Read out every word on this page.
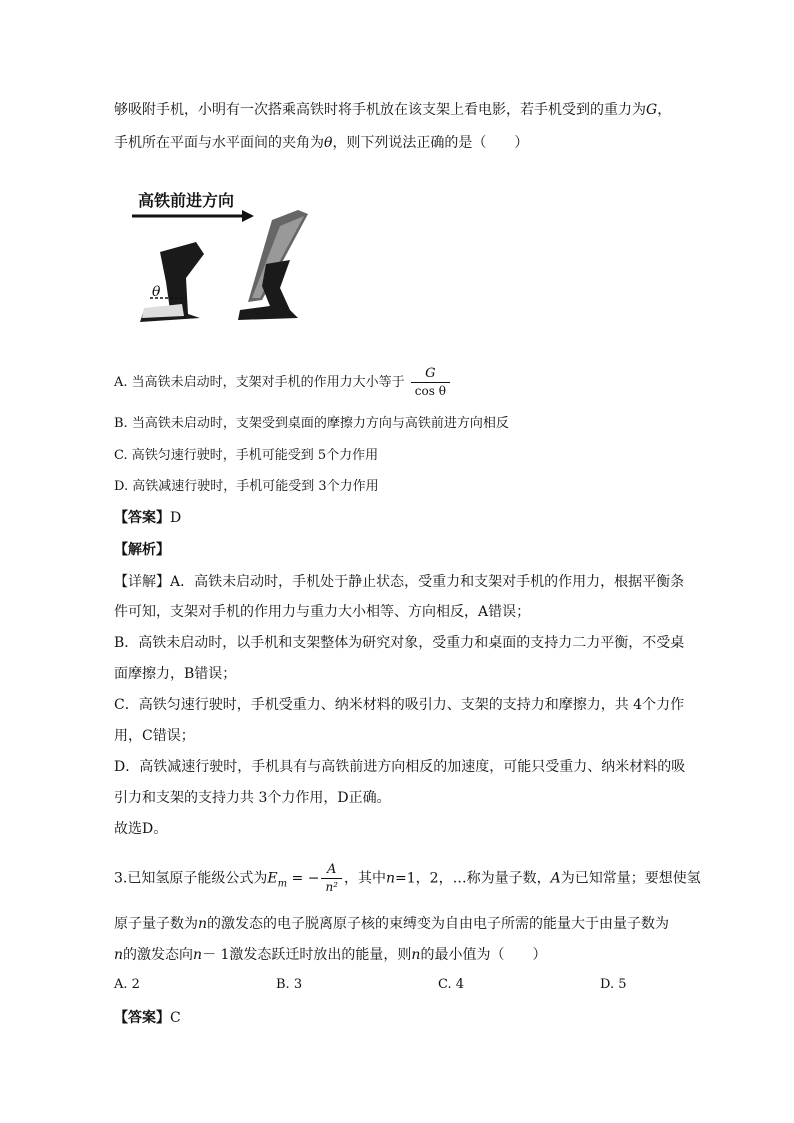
够吸附手机，小明有一次搭乘高铁时将手机放在该支架上看电影，若手机受到的重力为G，
手机所在平面与水平面间的夹角为θ，则下列说法正确的是（　　）
高铁前进方向
θ
A. 当高铁未启动时，支架对手机的作用力大小等于 $\frac{G}{\text{cos θ}}$
B. 当高铁未启动时，支架受到桌面的摩擦力方向与高铁前进方向相反
C. 高铁匀速行驶时，手机可能受到 5个力作用
D. 高铁减速行驶时，手机可能受到 3个力作用
【答案】D
【解析】
【详解】A．高铁未启动时，手机处于静止状态，受重力和支架对手机的作用力，根据平衡条
件可知，支架对手机的作用力与重力大小相等、方向相反，A错误；
B．高铁未启动时，以手机和支架整体为研究对象，受重力和桌面的支持力二力平衡，不受桌
面摩擦力，B错误；
C．高铁匀速行驶时，手机受重力、纳米材料的吸引力、支架的支持力和摩擦力，共 4个力作
用，C错误；
D．高铁减速行驶时，手机具有与高铁前进方向相反的加速度，可能只受重力、纳米材料的吸
引力和支架的支持力共 3个力作用，D正确。
故选D。
3.已知氢原子能级公式为$E_m$ = − $\frac{A}{\text{n²}}$ ，其中n=1，2，…称为量子数，A为已知常量；要想使氢
原子量子数为n的激发态的电子脱离原子核的束缚变为自由电子所需的能量大于由量子数为
n的激发态向n－ 1激发态跃迁时放出的能量，则n的最小值为（　　）
A. 2	B. 3	C. 4	D. 5
【答案】C
